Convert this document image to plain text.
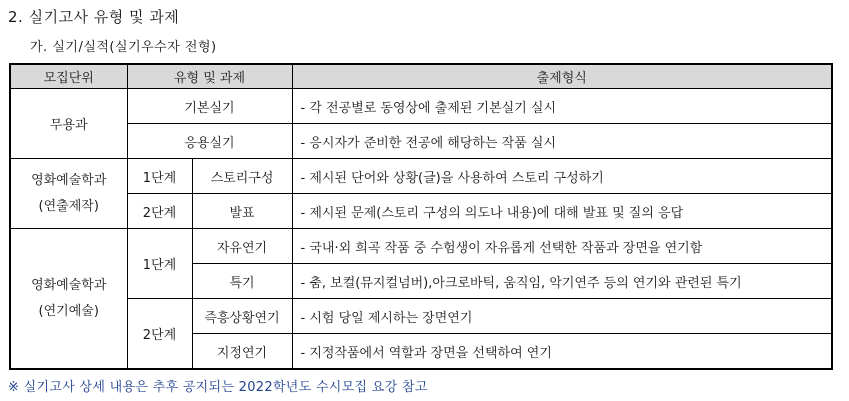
2. 실기고사 유형 및 과제
가. 실기/실적(실기우수자 전형)
모집단위	유형 및 과제		출제형식
무용과	기본실기		- 각 전공별로 동영상에 출제된 기본실기 실시
	응용실기		- 응시자가 준비한 전공에 해당하는 작품 실시

영화예술학과
(연출제작)	1단계	스토리구성	- 제시된 단어와 상황(글)을 사용하여 스토리 구성하기
	2단계	발표	- 제시된 문제(스토리 구성의 의도나 내용)에 대해 발표 및 질의 응답

영화예술학과
(연기예술)	1단계	자유연기	- 국내·외 희곡 작품 중 수험생이 자유롭게 선택한 작품과 장면을 연기함
		특기	- 춤, 보컬(뮤지컬넘버),아크로바틱, 움직임, 악기연주 등의 연기와 관련된 특기
	2단계	즉흥상황연기	- 시험 당일 제시하는 장면연기
		지정연기	- 지정작품에서 역할과 장면을 선택하여 연기
※ 실기고사 상세 내용은 추후 공지되는 2022학년도 수시모집 요강 참고
